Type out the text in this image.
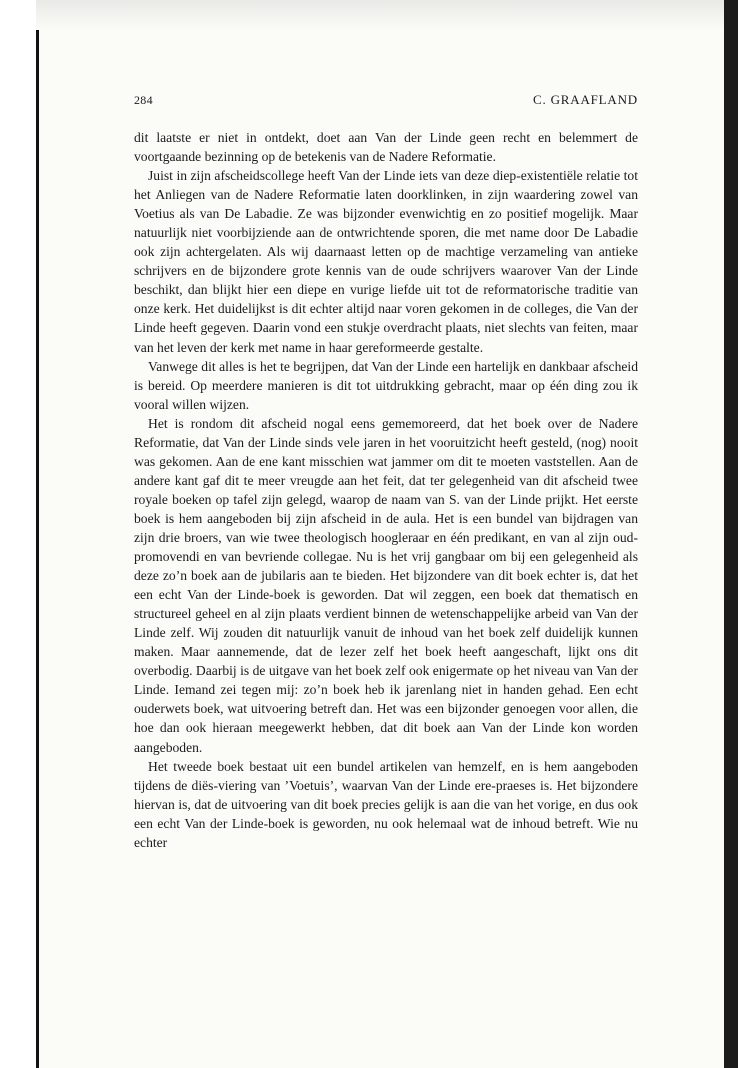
284	C. GRAAFLAND

dit laatste er niet in ontdekt, doet aan Van der Linde geen recht en belemmert de voortgaande bezinning op de betekenis van de Nadere Reformatie.

Juist in zijn afscheidscollege heeft Van der Linde iets van deze diep-existentiële relatie tot het Anliegen van de Nadere Reformatie laten doorklinken, in zijn waardering zowel van Voetius als van De Labadie. Ze was bijzonder evenwichtig en zo positief mogelijk. Maar natuurlijk niet voorbijziende aan de ontwrichtende sporen, die met name door De Labadie ook zijn achtergelaten. Als wij daarnaast letten op de machtige verzameling van antieke schrijvers en de bijzondere grote kennis van de oude schrijvers waarover Van der Linde beschikt, dan blijkt hier een diepe en vurige liefde uit tot de reformatorische traditie van onze kerk. Het duidelijkst is dit echter altijd naar voren gekomen in de colleges, die Van der Linde heeft gegeven. Daarin vond een stukje overdracht plaats, niet slechts van feiten, maar van het leven der kerk met name in haar gereformeerde gestalte.

Vanwege dit alles is het te begrijpen, dat Van der Linde een hartelijk en dankbaar afscheid is bereid. Op meerdere manieren is dit tot uitdrukking gebracht, maar op één ding zou ik vooral willen wijzen.

Het is rondom dit afscheid nogal eens gememoreerd, dat het boek over de Nadere Reformatie, dat Van der Linde sinds vele jaren in het vooruitzicht heeft gesteld, (nog) nooit was gekomen. Aan de ene kant misschien wat jammer om dit te moeten vaststellen. Aan de andere kant gaf dit te meer vreugde aan het feit, dat ter gelegenheid van dit afscheid twee royale boeken op tafel zijn gelegd, waarop de naam van S. van der Linde prijkt. Het eerste boek is hem aangeboden bij zijn afscheid in de aula. Het is een bundel van bijdragen van zijn drie broers, van wie twee theologisch hoogleraar en één predikant, en van al zijn oud-promovendi en van bevriende collegae. Nu is het vrij gangbaar om bij een gelegenheid als deze zo’n boek aan de jubilaris aan te bieden. Het bijzondere van dit boek echter is, dat het een echt Van der Linde-boek is geworden. Dat wil zeggen, een boek dat thematisch en structureel geheel en al zijn plaats verdient binnen de wetenschappelijke arbeid van Van der Linde zelf. Wij zouden dit natuurlijk vanuit de inhoud van het boek zelf duidelijk kunnen maken. Maar aannemende, dat de lezer zelf het boek heeft aangeschaft, lijkt ons dit overbodig. Daarbij is de uitgave van het boek zelf ook enigermate op het niveau van Van der Linde. Iemand zei tegen mij: zo’n boek heb ik jarenlang niet in handen gehad. Een echt ouderwets boek, wat uitvoering betreft dan. Het was een bijzonder genoegen voor allen, die hoe dan ook hieraan meegewerkt hebben, dat dit boek aan Van der Linde kon worden aangeboden.

Het tweede boek bestaat uit een bundel artikelen van hemzelf, en is hem aangeboden tijdens de diës-viering van ’Voetuis’, waarvan Van der Linde ere-praeses is. Het bijzondere hiervan is, dat de uitvoering van dit boek precies gelijk is aan die van het vorige, en dus ook een echt Van der Linde-boek is geworden, nu ook helemaal wat de inhoud betreft. Wie nu echter
